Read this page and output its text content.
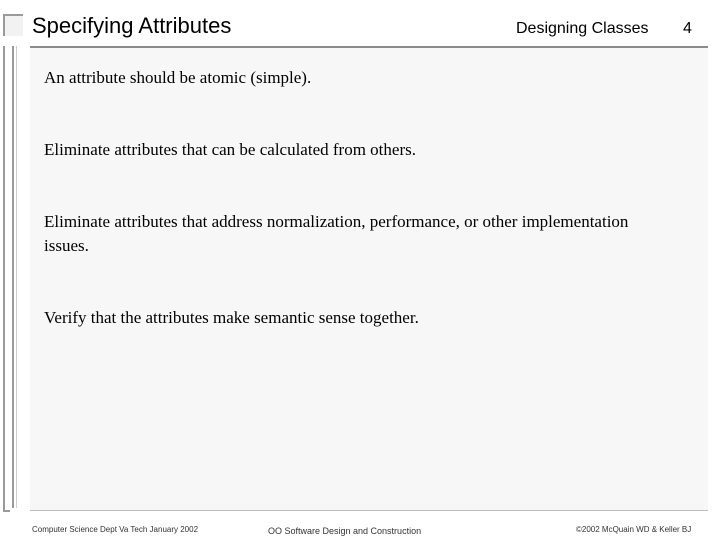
Specifying Attributes	Designing Classes 4
An attribute should be atomic (simple).
Eliminate attributes that can be calculated from others.
Eliminate attributes that address normalization, performance, or other implementation issues.
Verify that the attributes make semantic sense together.
Computer Science Dept Va Tech January 2002	OO Software Design and Construction	©2002 McQuain WD & Keller BJ
